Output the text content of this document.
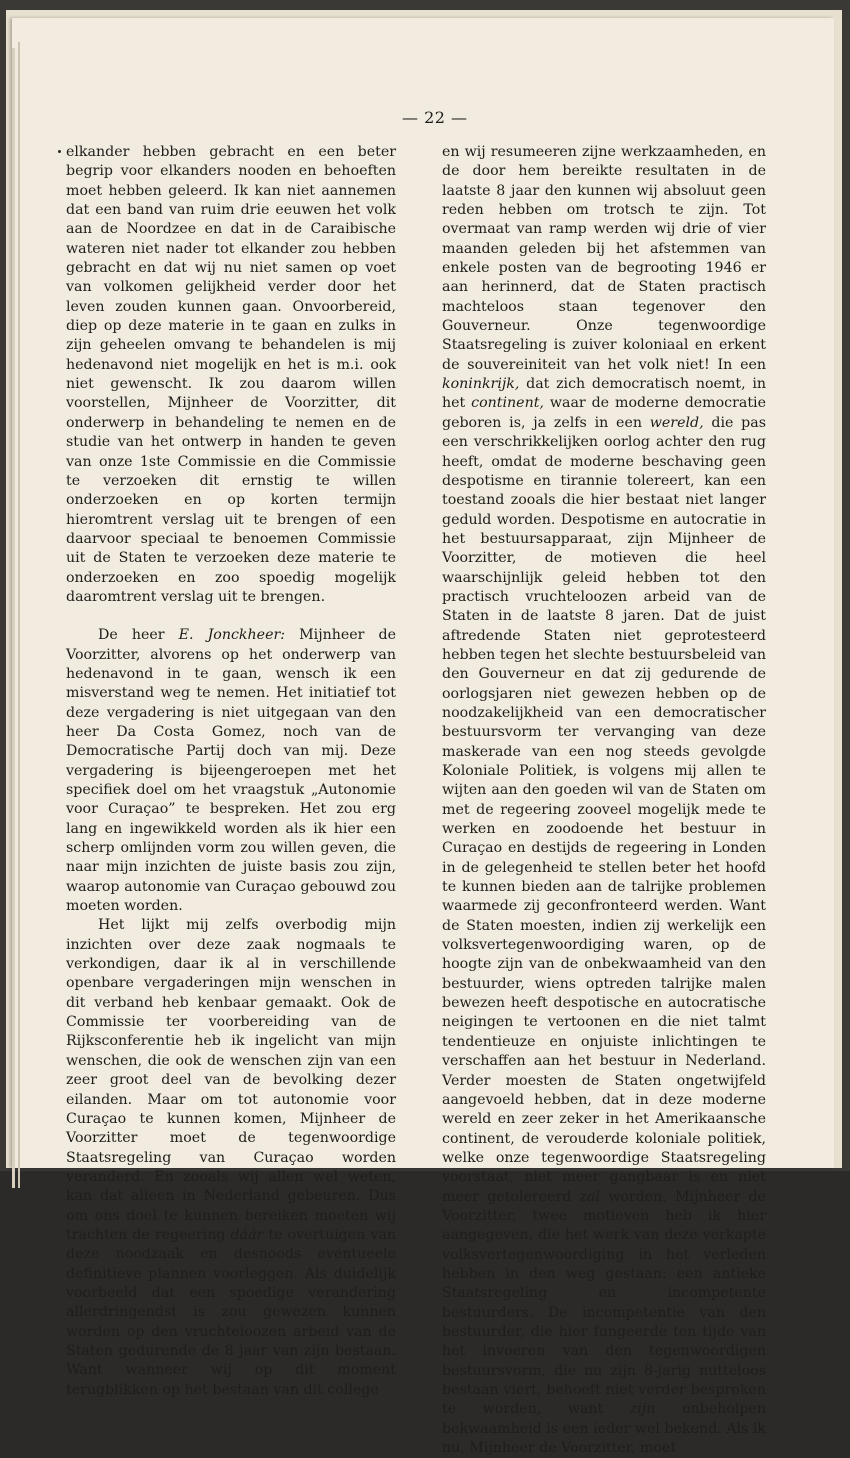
— 22 —

elkander hebben gebracht en een beter begrip voor elkanders nooden en behoeften moet hebben geleerd. Ik kan niet aannemen dat een band van ruim drie eeuwen het volk aan de Noordzee en dat in de Caraibische wateren niet nader tot elkander zou hebben gebracht en dat wij nu niet samen op voet van volkomen gelijkheid verder door het leven zouden kunnen gaan. Onvoorbereid, diep op deze materie in te gaan en zulks in zijn geheelen omvang te behandelen is mij hedenavond niet mogelijk en het is m.i. ook niet gewenscht. Ik zou daarom willen voorstellen, Mijnheer de Voorzitter, dit onderwerp in behandeling te nemen en de studie van het ontwerp in handen te geven van onze 1ste Commissie en die Commissie te verzoeken dit ernstig te willen onderzoeken en op korten termijn hieromtrent verslag uit te brengen of een daarvoor speciaal te benoemen Commissie uit de Staten te verzoeken deze materie te onderzoeken en zoo spoedig mogelijk daaromtrent verslag uit te brengen.

De heer E. Jonckheer: Mijnheer de Voorzitter, alvorens op het onderwerp van hedenavond in te gaan, wensch ik een misverstand weg te nemen. Het initiatief tot deze vergadering is niet uitgegaan van den heer Da Costa Gomez, noch van de Democratische Partij doch van mij. Deze vergadering is bijeengeroepen met het specifiek doel om het vraagstuk „Autonomie voor Curaçao” te bespreken. Het zou erg lang en ingewikkeld worden als ik hier een scherp omlijnden vorm zou willen geven, die naar mijn inzichten de juiste basis zou zijn, waarop autonomie van Curaçao gebouwd zou moeten worden.

Het lijkt mij zelfs overbodig mijn inzichten over deze zaak nogmaals te verkondigen, daar ik al in verschillende openbare vergaderingen mijn wenschen in dit verband heb kenbaar gemaakt. Ook de Commissie ter voorbereiding van de Rijksconferentie heb ik ingelicht van mijn wenschen, die ook de wenschen zijn van een zeer groot deel van de bevolking dezer eilanden. Maar om tot autonomie voor Curaçao te kunnen komen, Mijnheer de Voorzitter moet de tegenwoordige Staatsregeling van Curaçao worden veranderd. En zooals wij allen wel weten, kan dat alleen in Nederland gebeuren. Dus om ons doel te kunnen bereiken moeten wij trachten de regeering dáár te overtuigen van deze noodzaak en desnoods eventueele definitieve plannen voorleggen. Als duidelijk voorbeeld dat een spoedige verandering allerdringendst is zou gewezen kunnen worden op den vruchteloozen arbeid van de Staten gedurende de 8 jaar van zijn bestaan. Want wanneer wij op dit moment terugblikken op het bestaan van dit college

en wij resumeeren zijne werkzaamheden, en de door hem bereikte resultaten in de laatste 8 jaar den kunnen wij absoluut geen reden hebben om trotsch te zijn. Tot overmaat van ramp werden wij drie of vier maanden geleden bij het afstemmen van enkele posten van de begrooting 1946 er aan herinnerd, dat de Staten practisch machteloos staan tegenover den Gouverneur. Onze tegenwoordige Staatsregeling is zuiver koloniaal en erkent de souvereiniteit van het volk niet! In een koninkrijk, dat zich democratisch noemt, in het continent, waar de moderne democratie geboren is, ja zelfs in een wereld, die pas een verschrikkelijken oorlog achter den rug heeft, omdat de moderne beschaving geen despotisme en tirannie tolereert, kan een toestand zooals die hier bestaat niet langer geduld worden. Despotisme en autocratie in het bestuursapparaat, zijn Mijnheer de Voorzitter, de motieven die heel waarschijnlijk geleid hebben tot den practisch vruchteloozen arbeid van de Staten in de laatste 8 jaren. Dat de juist aftredende Staten niet geprotesteerd hebben tegen het slechte bestuursbeleid van den Gouverneur en dat zij gedurende de oorlogsjaren niet gewezen hebben op de noodzakelijkheid van een democratischer bestuursvorm ter vervanging van deze maskerade van een nog steeds gevolgde Koloniale Politiek, is volgens mij allen te wijten aan den goeden wil van de Staten om met de regeering zooveel mogelijk mede te werken en zoodoende het bestuur in Curaçao en destijds de regeering in Londen in de gelegenheid te stellen beter het hoofd te kunnen bieden aan de talrijke problemen waarmede zij geconfronteerd werden. Want de Staten moesten, indien zij werkelijk een volksvertegenwoordiging waren, op de hoogte zijn van de onbekwaamheid van den bestuurder, wiens optreden talrijke malen bewezen heeft despotische en autocratische neigingen te vertoonen en die niet talmt tendentieuze en onjuiste inlichtingen te verschaffen aan het bestuur in Nederland. Verder moesten de Staten ongetwijfeld aangevoeld hebben, dat in deze moderne wereld en zeer zeker in het Amerikaansche continent, de verouderde koloniale politiek, welke onze tegenwoordige Staatsregeling voorstaat, niet meer gangbaar is en niet meer getolereerd zal worden. Mijnheer de Voorzitter, twee motieven heb ik hier aangegeven, die het werk van deze verkapte volksvertegenwoordiging in het verleden hebben in den weg gestaan: een antieke Staatsregeling en incompetente bestuurders. De incompetentie van den bestuurder, die hier fungeerde ten tijde van het invoeren van den tegenwoordigen bestuursvorm, die nu zijn 8-jarig nutteloos bestaan viert, behoeft niet verder besproken te worden, want zijn onbeholpen bekwaamheid is een ieder wel bekend. Als ik nu, Mijnheer de Voorzitter, moet
